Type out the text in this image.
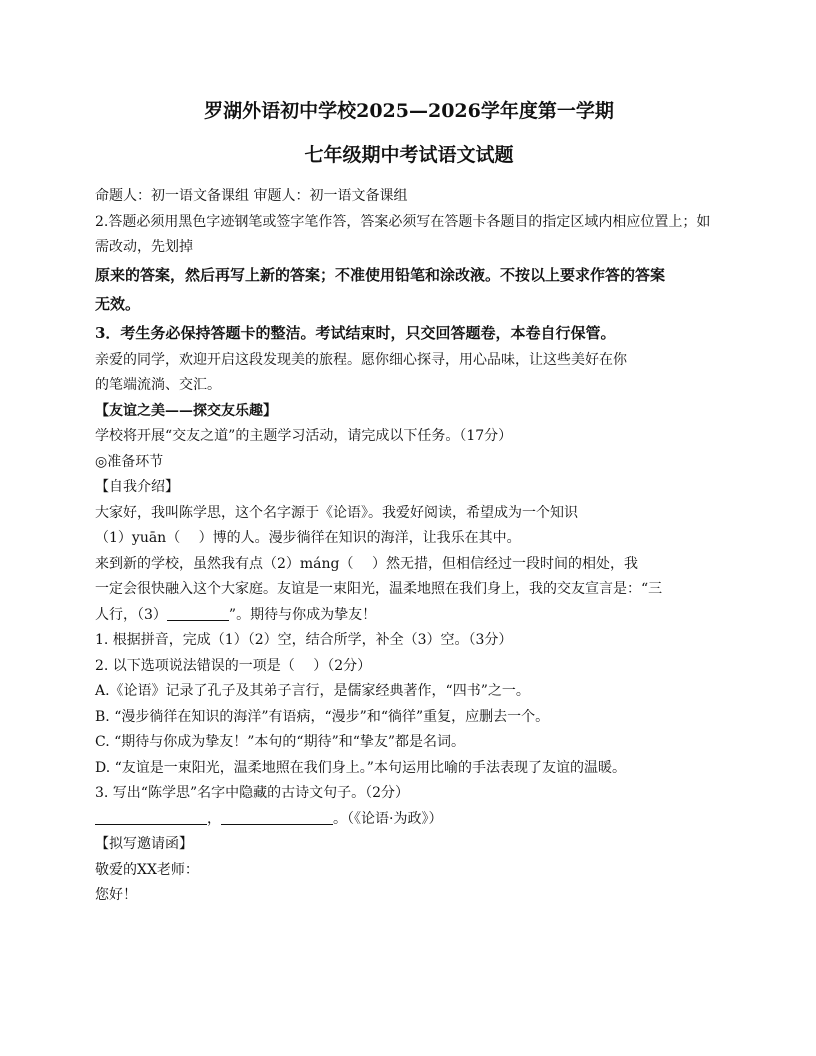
罗湖外语初中学校2025—2026学年度第一学期

七年级期中考试语文试题

命题人：初一语文备课组 审题人：初一语文备课组

2.答题必须用黑色字迹钢笔或签字笔作答，答案必须写在答题卡各题目的指定区域内相应位置上；如

需改动，先划掉

原来的答案，然后再写上新的答案；不准使用铅笔和涂改液。不按以上要求作答的答案

无效。

3．考生务必保持答题卡的整洁。考试结束时，只交回答题卷，本卷自行保管。

亲爱的同学，欢迎开启这段发现美的旅程。愿你细心探寻，用心品味，让这些美好在你

的笔端流淌、交汇。

【友谊之美——探交友乐趣】

学校将开展“交友之道”的主题学习活动，请完成以下任务。（17分）

◎准备环节

【自我介绍】

大家好，我叫陈学思，这个名字源于《论语》。我爱好阅读，希望成为一个知识

（1）yuān（　 ）博的人。漫步徜徉在知识的海洋，让我乐在其中。

来到新的学校，虽然我有点（2）máng（　 ）然无措，但相信经过一段时间的相处，我

一定会很快融入这个大家庭。友谊是一束阳光，温柔地照在我们身上，我的交友宣言是：“三

人行，（3）	”。期待与你成为挚友！

1. 根据拼音，完成（1）（2）空，结合所学，补全（3）空。（3分）

2. 以下选项说法错误的一项是（　 ）（2分）

A.《论语》记录了孔子及其弟子言行，是儒家经典著作，“四书”之一。

B. “漫步徜徉在知识的海洋”有语病，“漫步”和“徜徉”重复，应删去一个。

C. “期待与你成为挚友！”本句的“期待”和“挚友”都是名词。

D. “友谊是一束阳光，温柔地照在我们身上。”本句运用比喻的手法表现了友谊的温暖。

3. 写出“陈学思”名字中隐藏的古诗文句子。（2分）

，	。（《论语·为政》）

【拟写邀请函】

敬爱的XX老师：

您好！
